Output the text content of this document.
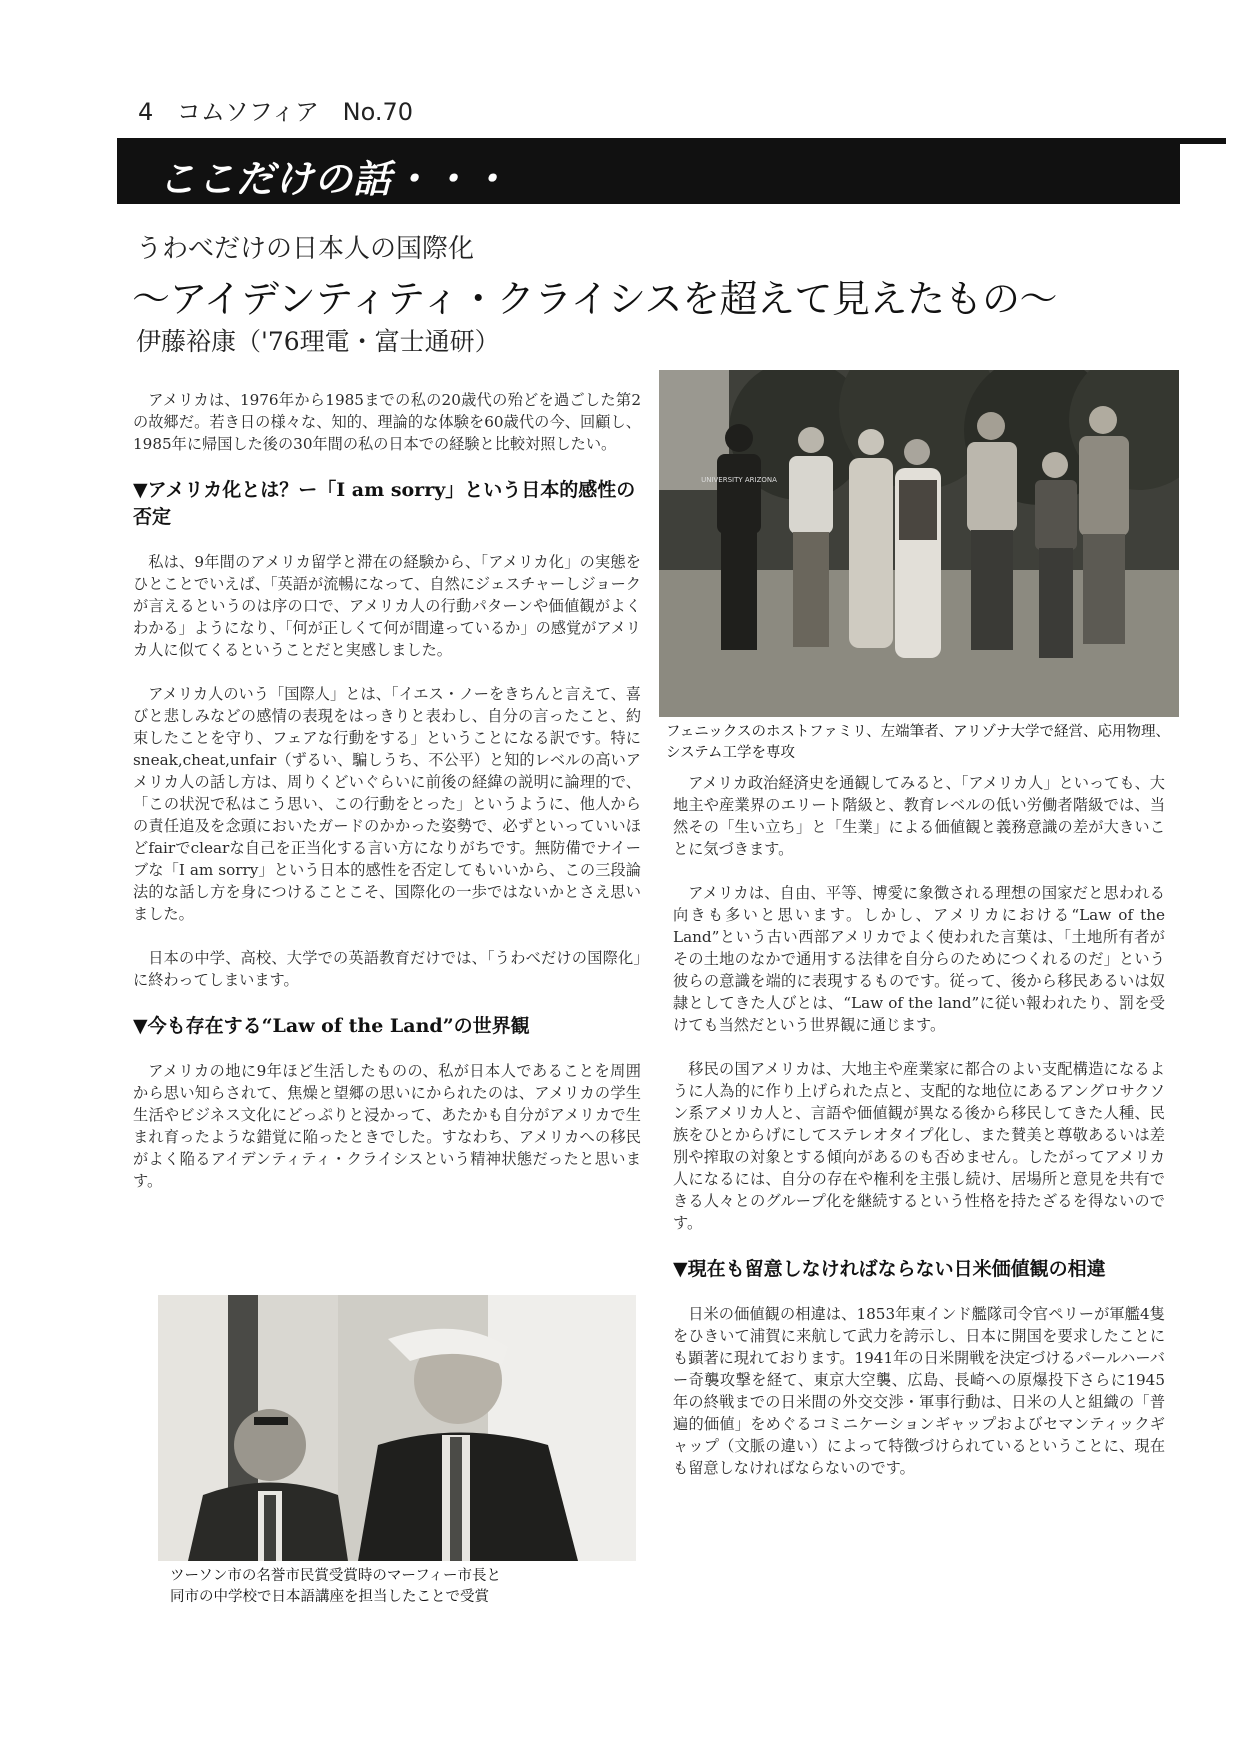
4 コムソフィア No.70
ここだけの話・・・
うわべだけの日本人の国際化
～アイデンティティ・クライシスを超えて見えたもの～
伊藤裕康（'76理電・富士通研）

アメリカは、1976年から1985までの私の20歳代の殆どを過ごした第2の故郷だ。若き日の様々な、知的、理論的な体験を60歳代の今、回顧し、1985年に帰国した後の30年間の私の日本での経験と比較対照したい。

▼アメリカ化とは？ー「I am sorry」という日本的感性の否定

私は、9年間のアメリカ留学と滞在の経験から、「アメリカ化」の実態をひとことでいえば、「英語が流暢になって、自然にジェスチャーしジョークが言えるというのは序の口で、アメリカ人の行動パターンや価値観がよくわかる」ようになり、「何が正しくて何が間違っているか」の感覚がアメリカ人に似てくるということだと実感しました。

アメリカ人のいう「国際人」とは、「イエス・ノーをきちんと言えて、喜びと悲しみなどの感情の表現をはっきりと表わし、自分の言ったこと、約束したことを守り、フェアな行動をする」ということになる訳です。特にsneak,cheat,unfair（ずるい、騙しうち、不公平）と知的レベルの高いアメリカ人の話し方は、周りくどいぐらいに前後の経緯の説明に論理的で、「この状況で私はこう思い、この行動をとった」というように、他人からの責任追及を念頭においたガードのかかった姿勢で、必ずといっていいほどfairでclearな自己を正当化する言い方になりがちです。無防備でナイーブな「I am sorry」という日本的感性を否定してもいいから、この三段論法的な話し方を身につけることこそ、国際化の一歩ではないかとさえ思いました。

日本の中学、高校、大学での英語教育だけでは、「うわべだけの国際化」に終わってしまいます。

▼今も存在する“Law of the Land”の世界観

アメリカの地に9年ほど生活したものの、私が日本人であることを周囲から思い知らされて、焦燥と望郷の思いにかられたのは、アメリカの学生生活やビジネス文化にどっぷりと浸かって、あたかも自分がアメリカで生まれ育ったような錯覚に陥ったときでした。すなわち、アメリカへの移民がよく陥るアイデンティティ・クライシスという精神状態だったと思います。

UNIVERSITY ARIZONA
フェニックスのホストファミリ、左端筆者、アリゾナ大学で経営、応用物理、システム工学を専攻

アメリカ政治経済史を通観してみると、「アメリカ人」といっても、大地主や産業界のエリート階級と、教育レベルの低い労働者階級では、当然その「生い立ち」と「生業」による価値観と義務意識の差が大きいことに気づきます。

アメリカは、自由、平等、博愛に象徴される理想の国家だと思われる向きも多いと思います。しかし、アメリカにおける“Law of the Land”という古い西部アメリカでよく使われた言葉は、「土地所有者がその土地のなかで通用する法律を自分らのためにつくれるのだ」という彼らの意識を端的に表現するものです。従って、後から移民あるいは奴隷としてきた人びとは、“Law of the land”に従い報われたり、罰を受けても当然だという世界観に通じます。

移民の国アメリカは、大地主や産業家に都合のよい支配構造になるように人為的に作り上げられた点と、支配的な地位にあるアングロサクソン系アメリカ人と、言語や価値観が異なる後から移民してきた人種、民族をひとからげにしてステレオタイプ化し、また賛美と尊敬あるいは差別や搾取の対象とする傾向があるのも否めません。したがってアメリカ人になるには、自分の存在や権利を主張し続け、居場所と意見を共有できる人々とのグループ化を継続するという性格を持たざるを得ないのです。

▼現在も留意しなければならない日米価値観の相違

日米の価値観の相違は、1853年東インド艦隊司令官ペリーが軍艦4隻をひきいて浦賀に来航して武力を誇示し、日本に開国を要求したことにも顕著に現れております。1941年の日米開戦を決定づけるパールハーバー奇襲攻撃を経て、東京大空襲、広島、長崎への原爆投下さらに1945年の終戦までの日米間の外交交渉・軍事行動は、日米の人と組織の「普遍的価値」をめぐるコミニケーションギャップおよびセマンティックギャップ（文脈の違い）によって特徴づけられているということに、現在も留意しなければならないのです。

ツーソン市の名誉市民賞受賞時のマーフィー市長と
同市の中学校で日本語講座を担当したことで受賞
